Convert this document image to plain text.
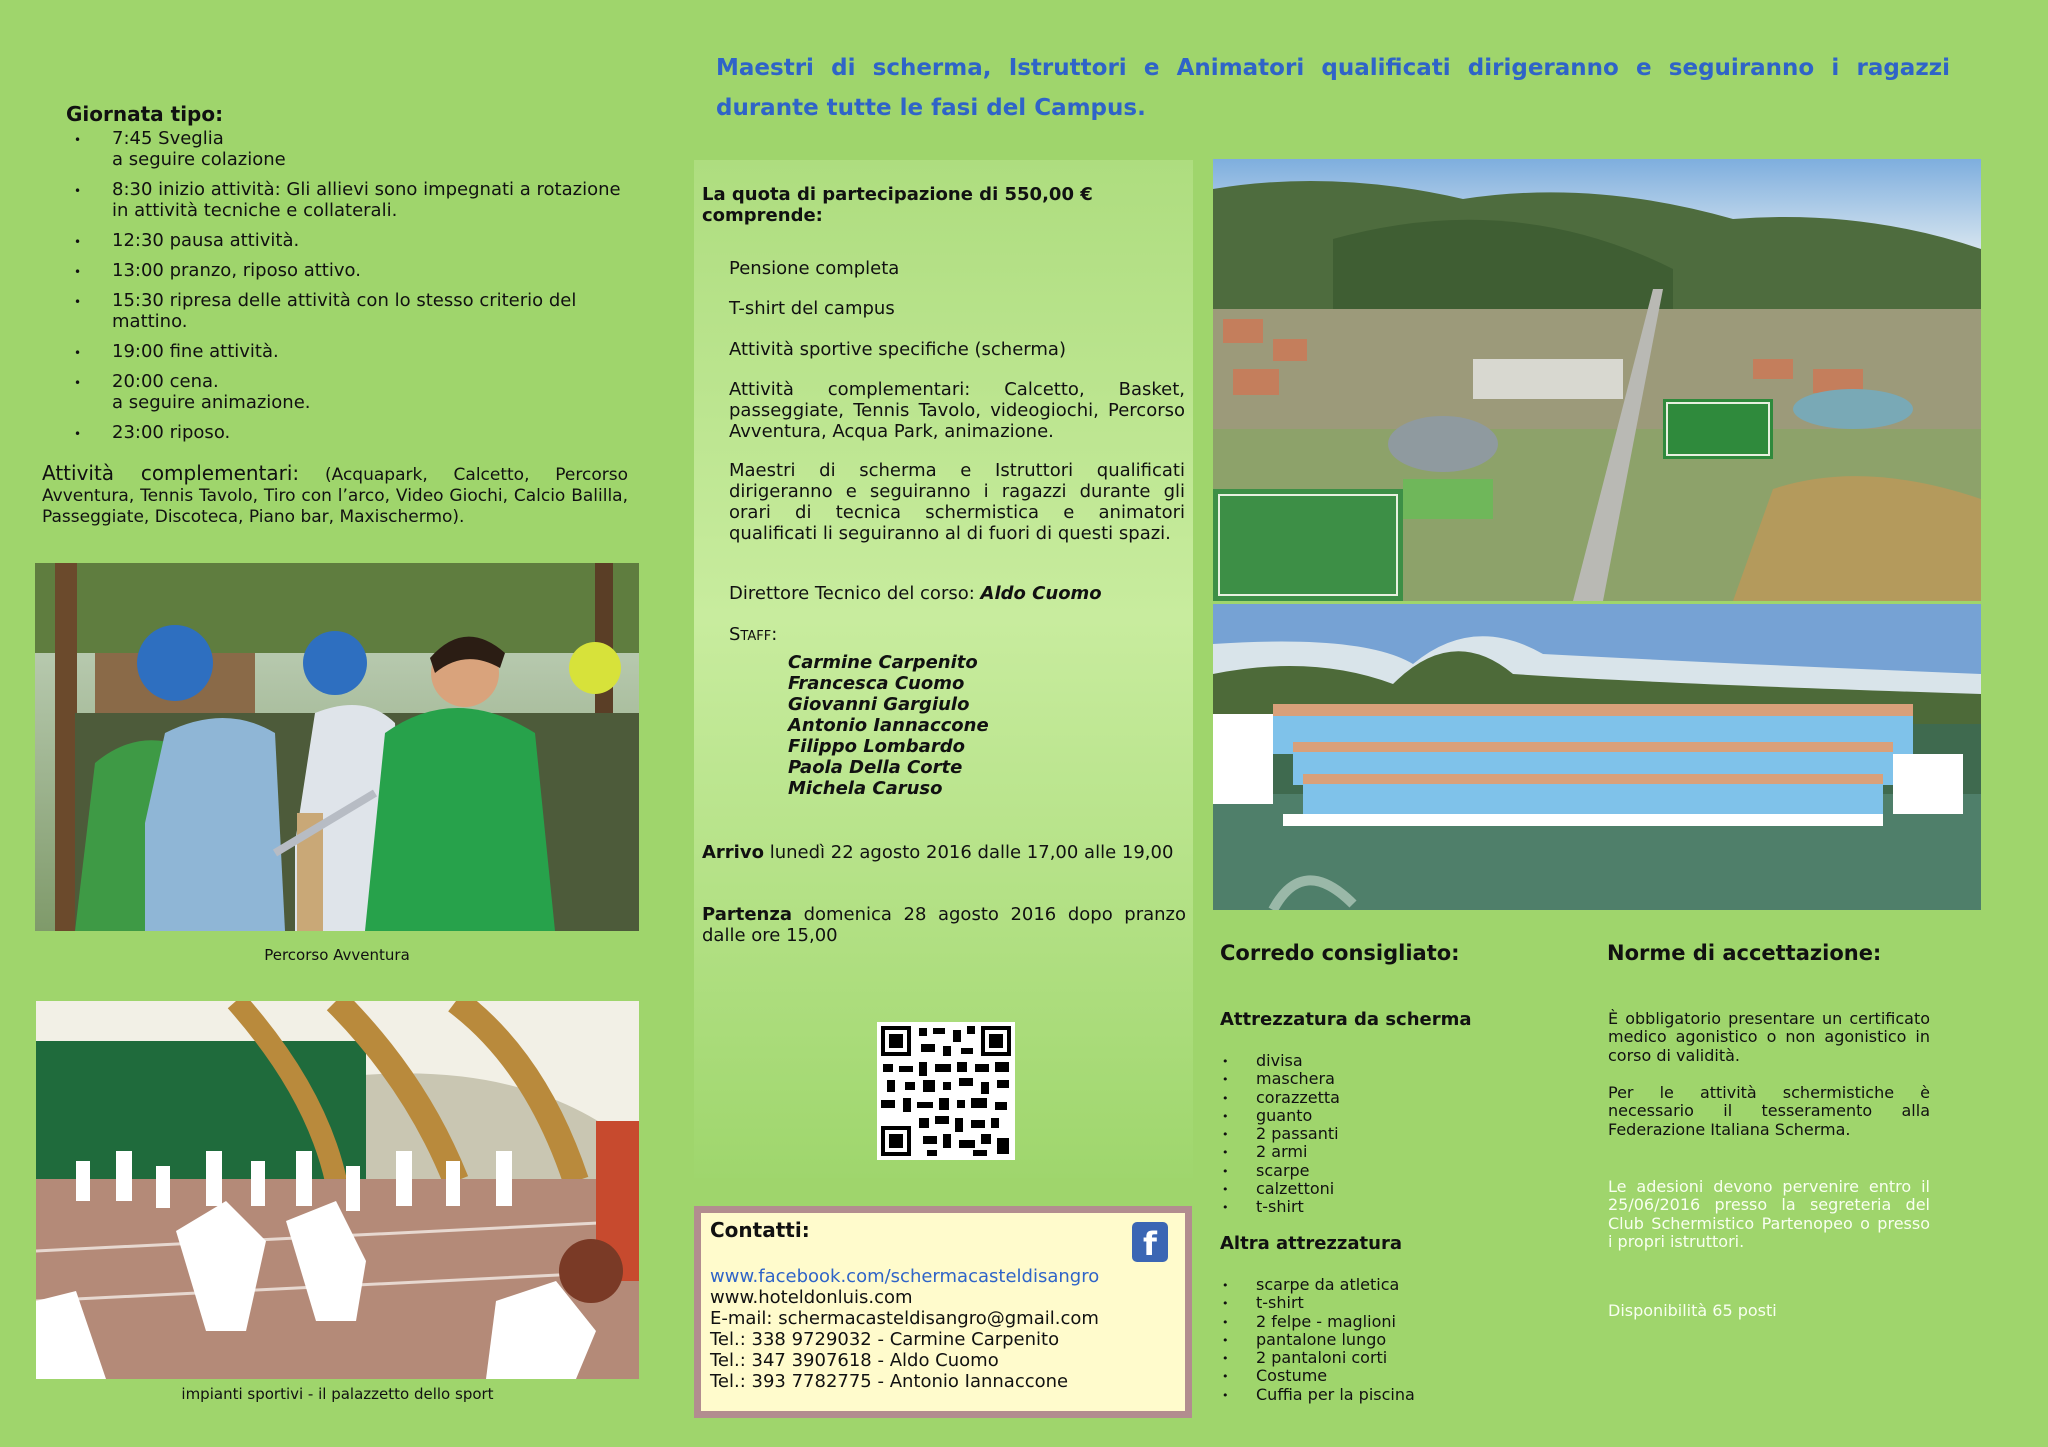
Maestri di scherma, Istruttori e Animatori qualificati dirigeranno e seguiranno i ragazzi durante tutte le fasi del Campus.

Giornata tipo:
• 7:45 Sveglia
a seguire colazione
• 8:30 inizio attività: Gli allievi sono impegnati a rotazione in attività tecniche e collaterali.
• 12:30 pausa attività.
• 13:00 pranzo, riposo attivo.
• 15:30 ripresa delle attività con lo stesso criterio del mattino.
• 19:00 fine attività.
• 20:00 cena.
a seguire animazione.
• 23:00 riposo.

Attività complementari: (Acquapark, Calcetto, Percorso Avventura, Tennis Tavolo, Tiro con l’arco, Video Giochi, Calcio Balilla, Passeggiate, Discoteca, Piano bar, Maxischermo).

Percorso Avventura
impianti sportivi - il palazzetto dello sport
La quota di partecipazione di 550,00 € comprende:
Pensione completa
T-shirt del campus
Attività sportive specifiche (scherma)
Attività complementari: Calcetto, Basket, passeggiate, Tennis Tavolo, videogiochi, Percorso Avventura, Acqua Park, animazione.
Maestri di scherma e Istruttori qualificati dirigeranno e seguiranno i ragazzi durante gli orari di tecnica schermistica e animatori qualificati li seguiranno al di fuori di questi spazi.
Direttore Tecnico del corso: Aldo Cuomo
Staff:
Carmine Carpenito
Francesca Cuomo
Giovanni Gargiulo
Antonio Iannaccone
Filippo Lombardo
Paola Della Corte
Michela Caruso

Arrivo lunedì 22 agosto 2016 dalle 17,00 alle 19,00

Partenza domenica 28 agosto 2016 dopo pranzo dalle ore 15,00

Contatti:	f
www.facebook.com/schermacasteldisangro
www.hoteldonluis.com
E-mail: schermacasteldisangro@gmail.com
Tel.: 338 9729032 - Carmine Carpenito
Tel.: 347 3907618 - Aldo Cuomo
Tel.: 393 7782775 - Antonio Iannaccone
Corredo consigliato:
Attrezzatura da scherma
• divisa
• maschera
• corazzetta
• guanto
• 2 passanti
• 2 armi
• scarpe
• calzettoni
• t-shirt
Altra attrezzatura
• scarpe da atletica
• t-shirt
• 2 felpe - maglioni
• pantalone lungo
• 2 pantaloni corti
• Costume
• Cuffia per la piscina
Norme di accettazione:

È obbligatorio presentare un certificato medico agonistico o non agonistico in corso di validità.

Per le attività schermistiche è necessario il tesseramento alla Federazione Italiana Scherma.

Le adesioni devono pervenire entro il 25/06/2016 presso la segreteria del Club Schermistico Partenopeo o presso i propri istruttori.

Disponibilità 65 posti
